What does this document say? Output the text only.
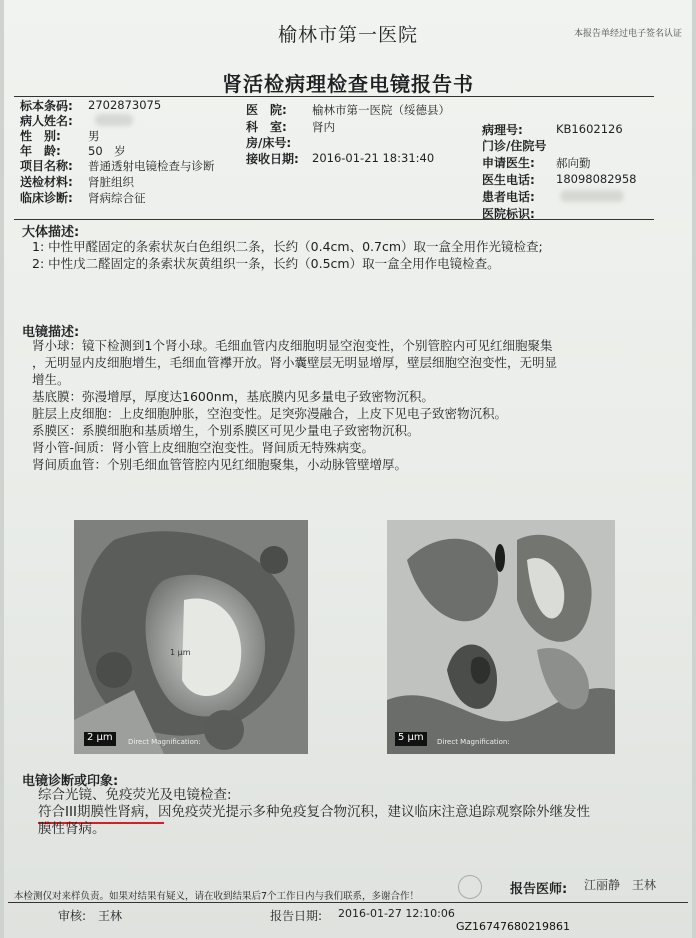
榆林市第一医院	本报告单经过电子签名认证
肾活检病理检查电镜报告书
标本条码: 2702873075
病人姓名:
性　别: 男
年　龄: 50　岁
项目名称: 普通透射电镜检查与诊断
送检材料: 肾脏组织
临床诊断: 肾病综合征
医　院: 榆林市第一医院（绥德县）
科　室: 肾内
房/床号:
接收日期: 2016-01-21 18:31:40
病理号:	KB1602126
门诊/住院号
申请医生: 郝向勤
医生电话: 18098082958
患者电话:
医院标识:
大体描述:
1: 中性甲醛固定的条索状灰白色组织二条，长约（0.4cm、0.7cm）取一盒全用作光镜检查;
2: 中性戊二醛固定的条索状灰黄组织一条，长约（0.5cm）取一盒全用作电镜检查。
电镜描述:
肾小球：镜下检测到1个肾小球。毛细血管内皮细胞明显空泡变性，个别管腔内可见红细胞聚集
，无明显内皮细胞增生，毛细血管襻开放。肾小囊壁层无明显增厚，壁层细胞空泡变性，无明显
增生。
基底膜：弥漫增厚，厚度达1600nm，基底膜内见多量电子致密物沉积。
脏层上皮细胞：上皮细胞肿胀，空泡变性。足突弥漫融合，上皮下见电子致密物沉积。
系膜区：系膜细胞和基质增生，个别系膜区可见少量电子致密物沉积。
肾小管-间质：肾小管上皮细胞空泡变性。肾间质无特殊病变。
肾间质血管：个别毛细血管管腔内见红细胞聚集，小动脉管壁增厚。
2 μm	Direct Magnification:
1 μm
5 μm	Direct Magnification:
电镜诊断或印象:
综合光镜、免疫荧光及电镜检查:
符合III期膜性肾病，因免疫荧光提示多种免疫复合物沉积，建议临床注意追踪观察除外继发性
膜性肾病。
本检测仅对来样负责。如果对结果有疑义，请在收到结果后7个工作日内与我们联系，多谢合作！	报告医师: 江丽静　王林
审核: 王林	报告日期: 2016-01-27 12:10:06
GZ16747680219861
